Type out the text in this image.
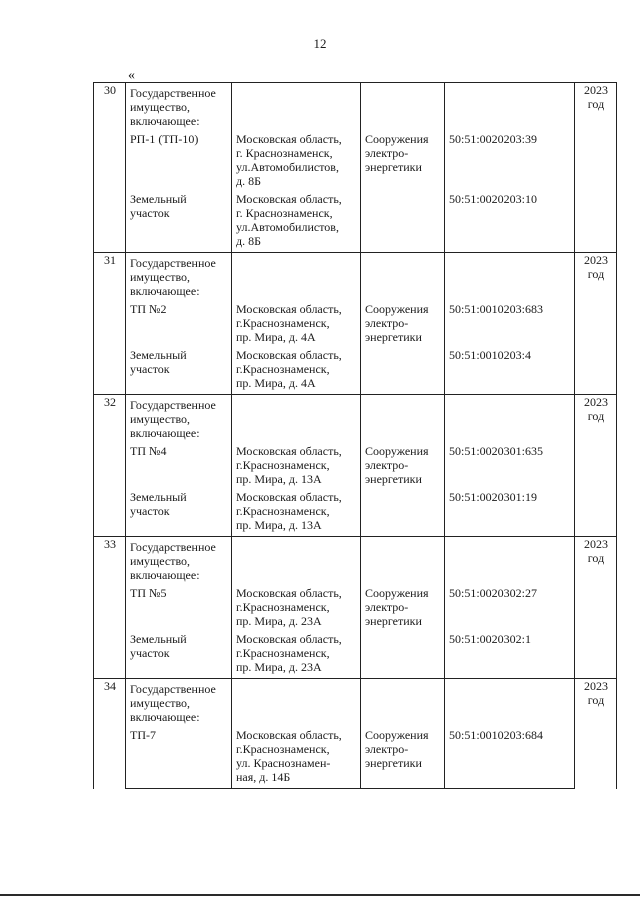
12
«
30	Государственное
имущество,
включающее:				2023
год

	РП-1 (ТП-10)	Московская область,
г. Краснознаменск,
ул.Автомобилистов,
д. 8Б	Сооружения
электро-
энергетики	50:51:0020203:39	

	Земельный
участок	Московская область,
г. Краснознаменск,
ул.Автомобилистов,
д. 8Б		50:51:0020203:10	

31	Государственное
имущество,
включающее:				2023
год

	ТП №2	Московская область,
г.Краснознаменск,
пр. Мира, д. 4А	Сооружения
электро-
энергетики	50:51:0010203:683	

	Земельный
участок	Московская область,
г.Краснознаменск,
пр. Мира, д. 4А		50:51:0010203:4	

32	Государственное
имущество,
включающее:				2023
год

	ТП №4	Московская область,
г.Краснознаменск,
пр. Мира, д. 13А	Сооружения
электро-
энергетики	50:51:0020301:635	

	Земельный
участок	Московская область,
г.Краснознаменск,
пр. Мира, д. 13А		50:51:0020301:19	

33	Государственное
имущество,
включающее:				2023
год

	ТП №5	Московская область,
г.Краснознаменск,
пр. Мира, д. 23А	Сооружения
электро-
энергетики	50:51:0020302:27	

	Земельный
участок	Московская область,
г.Краснознаменск,
пр. Мира, д. 23А		50:51:0020302:1	

34	Государственное
имущество,
включающее:				2023
год

	ТП-7	Московская область,
г.Краснознаменск,
ул. Краснознамен-
ная, д. 14Б	Сооружения
электро-
энергетики	50:51:0010203:684	
